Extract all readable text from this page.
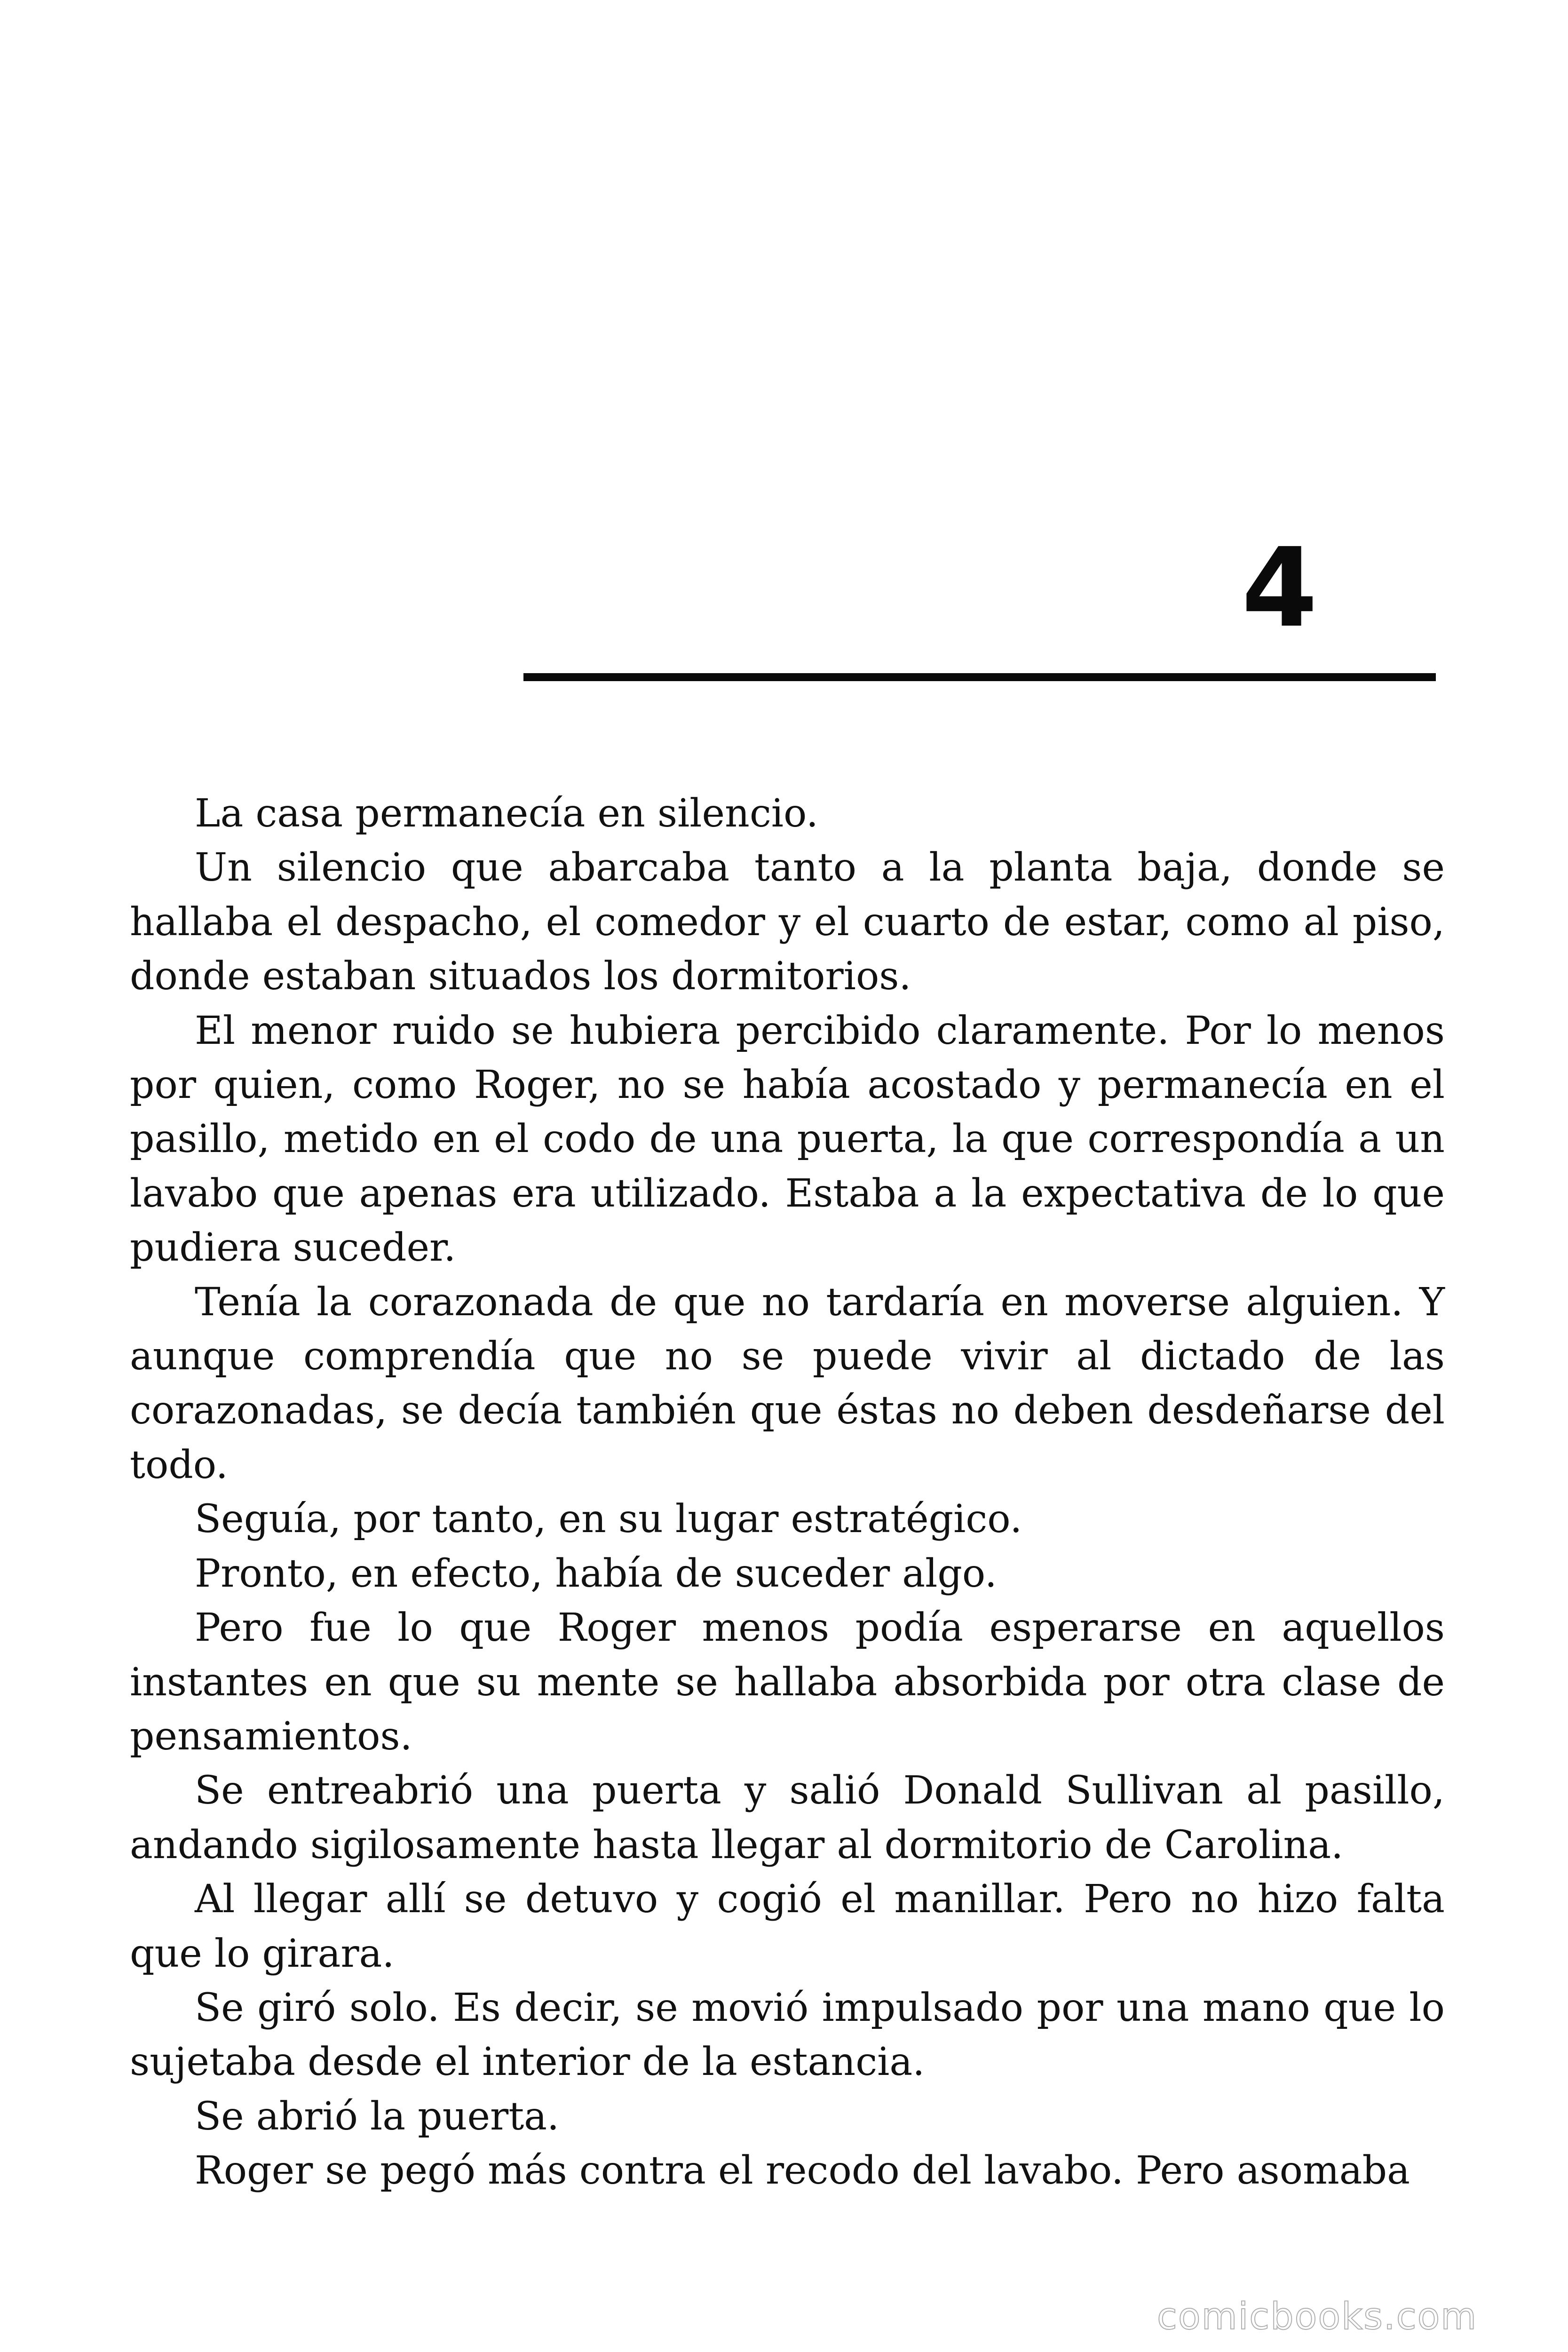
4

La casa permanecía en silencio.

Un silencio que abarcaba tanto a la planta baja, donde se hallaba el despacho, el comedor y el cuarto de estar, como al piso, donde estaban situados los dormitorios.

El menor ruido se hubiera percibido claramente. Por lo menos por quien, como Roger, no se había acostado y permanecía en el pasillo, metido en el codo de una puerta, la que correspondía a un lavabo que apenas era utilizado. Estaba a la expectativa de lo que pudiera suceder.

Tenía la corazonada de que no tardaría en moverse alguien. Y aunque comprendía que no se puede vivir al dictado de las corazonadas, se decía también que éstas no deben desdeñarse del todo.

Seguía, por tanto, en su lugar estratégico.

Pronto, en efecto, había de suceder algo.

Pero fue lo que Roger menos podía esperarse en aquellos instantes en que su mente se hallaba absorbida por otra clase de pensamientos.

Se entreabrió una puerta y salió Donald Sullivan al pasillo, andando sigilosamente hasta llegar al dormitorio de Carolina.

Al llegar allí se detuvo y cogió el manillar. Pero no hizo falta que lo girara.

Se giró solo. Es decir, se movió impulsado por una mano que lo sujetaba desde el interior de la estancia.

Se abrió la puerta.

Roger se pegó más contra el recodo del lavabo. Pero asomaba

comicbooks.com
